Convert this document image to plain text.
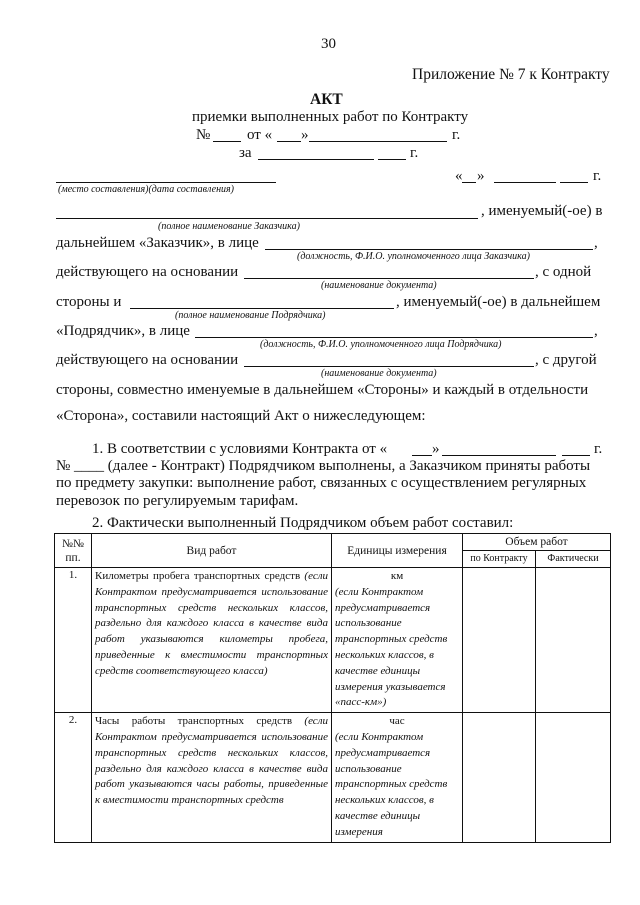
30
Приложение № 7 к Контракту
АКТ
приемки выполненных работ по Контракту
№ от « »	г.
за	г.
(место составления)(дата составления)
« »	г.
, именуемый(-ое) в
(полное наименование Заказчика)
дальнейшем «Заказчик», в лице	,
(должность, Ф.И.О. уполномоченного лица Заказчика)
действующего на основании	, с одной
(наименование документа)
стороны и	, именуемый(-ое) в дальнейшем
(полное наименование Подрядчика)
«Подрядчик», в лице	,
(должность, Ф.И.О. уполномоченного лица Подрядчика)
действующего на основании	, с другой
(наименование документа)
стороны, совместно именуемые в дальнейшем «Стороны» и каждый в отдельности
«Сторона», составили настоящий Акт о нижеследующем:
1. В соответствии с условиями Контракта от «	»	г.
№ ____ (далее - Контракт) Подрядчиком выполнены, а Заказчиком приняты работы
по предмету закупки: выполнение работ, связанных с осуществлением регулярных
перевозок по регулируемым тарифам.
2. Фактически выполненный Подрядчиком объем работ составил:
№№ пп.	Вид работ	Единицы измерения	Объем работ	
			по Контракту	Фактически
1.	Километры пробега транспортных средств (если Контрактом предусматривается использование транспортных средств нескольких классов, раздельно для каждого класса в качестве вида работ указываются километры пробега, приведенные к вместимости транспортных средств соответствующего класса)	км
(если Контрактом предусматривается использование транспортных средств нескольких классов, в качестве единицы измерения указывается «пасс-км»)		
2.	Часы работы транспортных средств (если Контрактом предусматривается использование транспортных средств нескольких классов, раздельно для каждого класса в качестве вида работ указываются часы работы, приведенные к вместимости транспортных средств	час
(если Контрактом предусматривается использование транспортных средств нескольких классов, в качестве единицы измерения		
